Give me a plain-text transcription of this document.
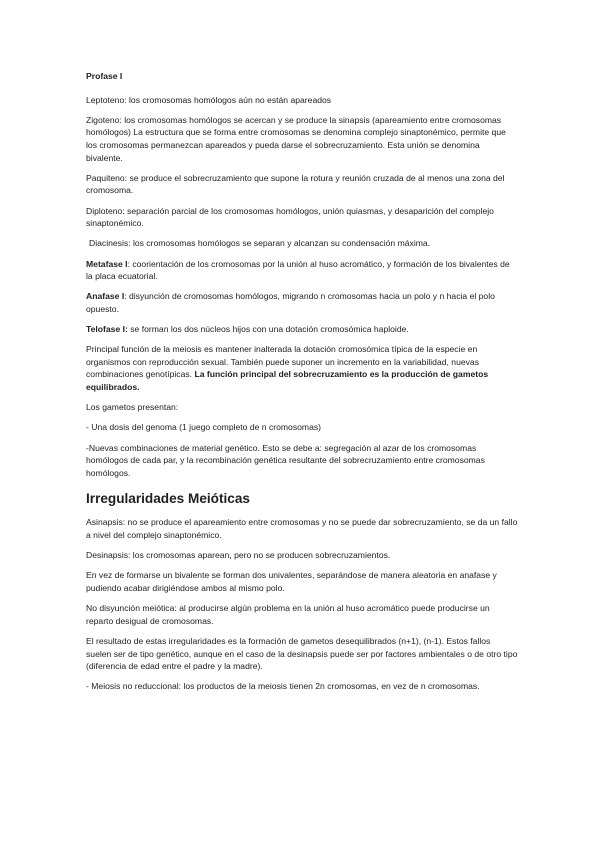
Profase I

Leptoteno: los cromosomas homólogos aún no están apareados

Zigoteno: los cromosomas homólogos se acercan y se produce la sinapsis (apareamiento entre cromosomas homólogos) La estructura que se forma entre cromosomas se denomina complejo sinaptonémico, permite que los cromosomas permanezcan apareados y pueda darse el sobrecruzamiento. Esta unión se denomina bivalente.

Paquiteno: se produce el sobrecruzamiento que supone la rotura y reunión cruzada de al menos una zona del cromosoma.

Diploteno: separación parcial de los cromosomas homólogos, unión quiasmas, y desaparición del complejo sinaptonémico.

Diacinesis: los cromosomas homólogos se separan y alcanzan su condensación máxima.

Metafase I: coorientación de los cromosomas por la unión al huso acromático, y formación de los bivalentes de la placa ecuatorial.

Anafase I: disyunción de cromosomas homólogos, migrando n cromosomas hacia un polo y n hacia el polo opuesto.

Telofase I: se forman los dos núcleos hijos con una dotación cromosómica haploide.

Principal función de la meiosis es mantener inalterada la dotación cromosómica típica de la especie en organismos con reproducción sexual. También puede suponer un incremento en la variabilidad, nuevas combinaciones genotípicas. La función principal del sobrecruzamiento es la producción de gametos equilibrados.

Los gametos presentan:

- Una dosis del genoma (1 juego completo de n cromosomas)

-Nuevas combinaciones de material genético. Esto se debe a: segregación al azar de los cromosomas homólogos de cada par, y la recombinación genética resultante del sobrecruzamiento entre cromosomas homólogos.

Irregularidades Meióticas

Asinapsis: no se produce el apareamiento entre cromosomas y no se puede dar sobrecruzamiento, se da un fallo a nivel del complejo sinaptonémico.

Desinapsis: los cromosomas aparean, pero no se producen sobrecruzamientos.

En vez de formarse un bivalente se forman dos univalentes, separándose de manera aleatoria en anafase y pudiendo acabar dirigiéndose ambos al mismo polo.

No disyunción meiótica: al producirse algún problema en la unión al huso acromático puede producirse un reparto desigual de cromosomas.

El resultado de estas irregularidades es la formación de gametos desequilibrados (n+1), (n-1). Estos fallos suelen ser de tipo genético, aunque en el caso de la desinapsis puede ser por factores ambientales o de otro tipo (diferencia de edad entre el padre y la madre).

- Meiosis no reduccional: los productos de la meiosis tienen 2n cromosomas, en vez de n cromosomas.
